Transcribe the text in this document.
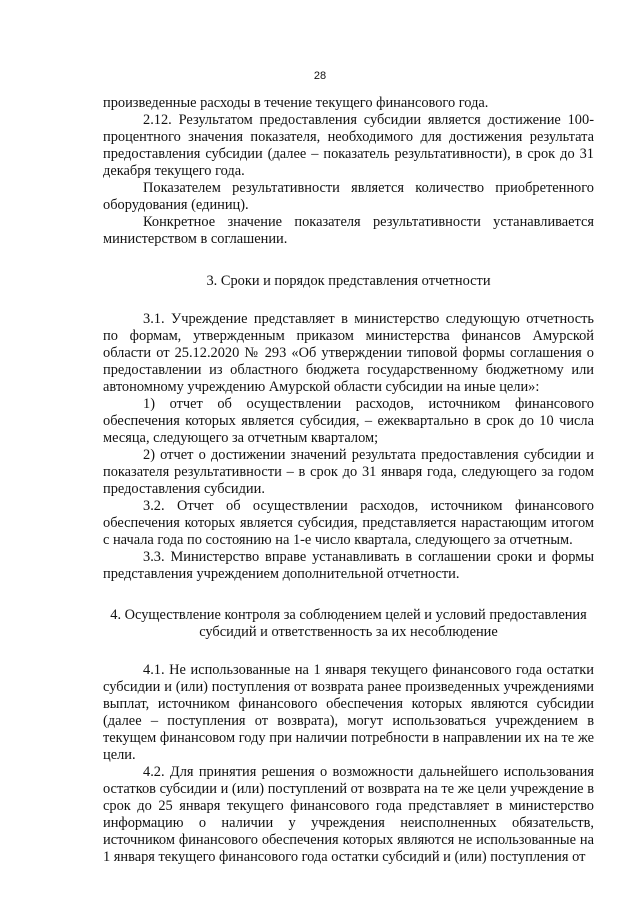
28

произведенные расходы в течение текущего финансового года.

2.12. Результатом предоставления субсидии является достижение 100-процентного значения показателя, необходимого для достижения результата предоставления субсидии (далее – показатель результативности), в срок до 31 декабря текущего года.

Показателем результативности является количество приобретенного оборудования (единиц).

Конкретное значение показателя результативности устанавливается министерством в соглашении.

3. Сроки и порядок представления отчетности

3.1. Учреждение представляет в министерство следующую отчетность по формам, утвержденным приказом министерства финансов Амурской области от 25.12.2020 № 293 «Об утверждении типовой формы соглашения о предоставлении из областного бюджета государственному бюджетному или автономному учреждению Амурской области субсидии на иные цели»:

1) отчет об осуществлении расходов, источником финансового обеспечения которых является субсидия, – ежеквартально в срок до 10 числа месяца, следующего за отчетным кварталом;

2) отчет о достижении значений результата предоставления субсидии и показателя результативности – в срок до 31 января года, следующего за годом предоставления субсидии.

3.2. Отчет об осуществлении расходов, источником финансового обеспечения которых является субсидия, представляется нарастающим итогом с начала года по состоянию на 1-е число квартала, следующего за отчетным.

3.3. Министерство вправе устанавливать в соглашении сроки и формы представления учреждением дополнительной отчетности.

4. Осуществление контроля за соблюдением целей и условий предоставления
субсидий и ответственность за их несоблюдение

4.1. Не использованные на 1 января текущего финансового года остатки субсидии и (или) поступления от возврата ранее произведенных учреждениями выплат, источником финансового обеспечения которых являются субсидии (далее – поступления от возврата), могут использоваться учреждением в текущем финансовом году при наличии потребности в направлении их на те же цели.

4.2. Для принятия решения о возможности дальнейшего использования остатков субсидии и (или) поступлений от возврата на те же цели учреждение в срок до 25 января текущего финансового года представляет в министерство информацию о наличии у учреждения неисполненных обязательств, источником финансового обеспечения которых являются не использованные на 1 января текущего финансового года остатки субсидий и (или) поступления от
